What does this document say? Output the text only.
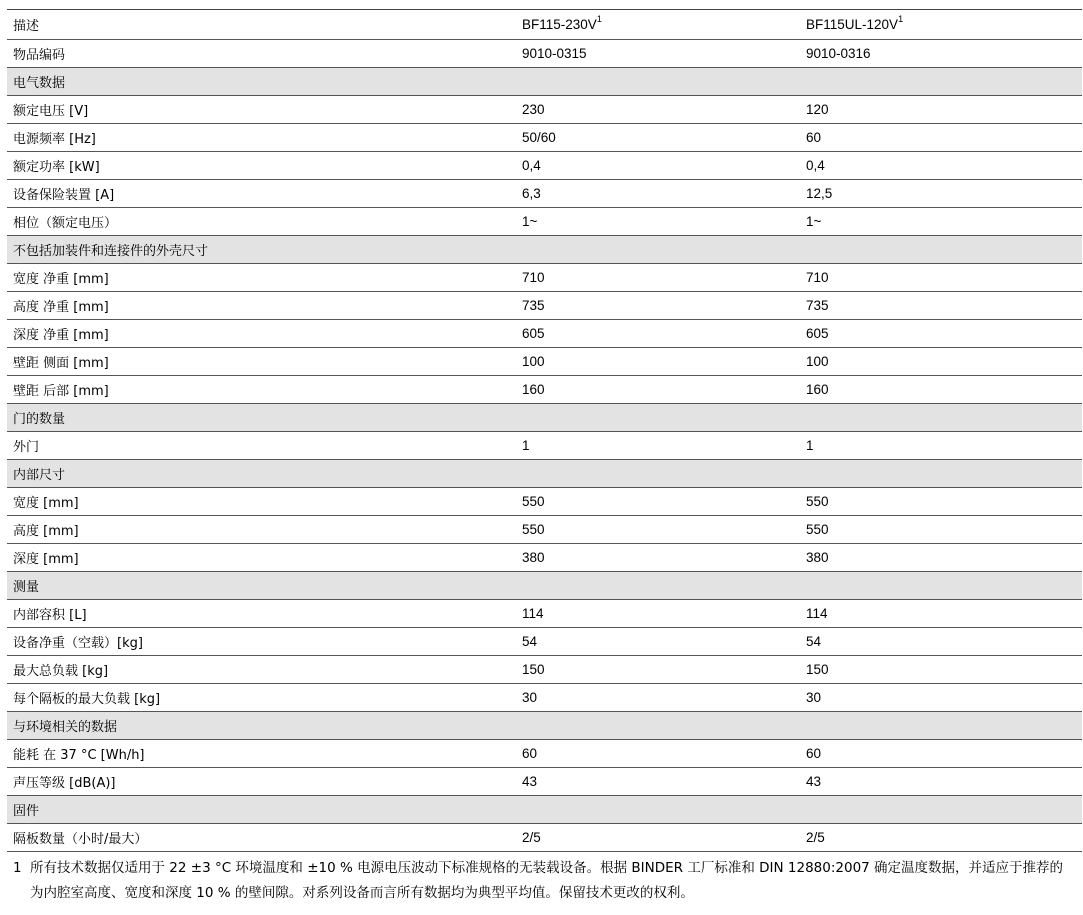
描述	$BF115-230V^1$	$BF115UL-120V^1$
物品编码	9010-0315	9010-0316
电气数据
额定电压 [V]	230	120
电源频率 [Hz]	50/60	60
额定功率 [kW]	0,4	0,4
设备保险装置 [A]	6,3	12,5
相位（额定电压）	1~	1~
不包括加装件和连接件的外壳尺寸
宽度 净重 [mm]	710	710
高度 净重 [mm]	735	735
深度 净重 [mm]	605	605
壁距 侧面 [mm]	100	100
壁距 后部 [mm]	160	160
门的数量
外门	1	1
内部尺寸
宽度 [mm]	550	550
高度 [mm]	550	550
深度 [mm]	380	380
测量
内部容积 [L]	114	114
设备净重（空载）[kg]	54	54
最大总负载 [kg]	150	150
每个隔板的最大负载 [kg]	30	30
与环境相关的数据
能耗 在 37 °C [Wh/h]	60	60
声压等级 [dB(A)]	43	43
固件
隔板数量（小时/最大）	2/5	2/5
1 所有技术数据仅适用于 22 ±3 °C 环境温度和 ±10 % 电源电压波动下标准规格的无装载设备。根据 BINDER 工厂标准和 DIN 12880:2007 确定温度数据，并适应于推荐的为内腔室高度、宽度和深度 10 % 的壁间隙。对系列设备而言所有数据均为典型平均值。保留技术更改的权利。
